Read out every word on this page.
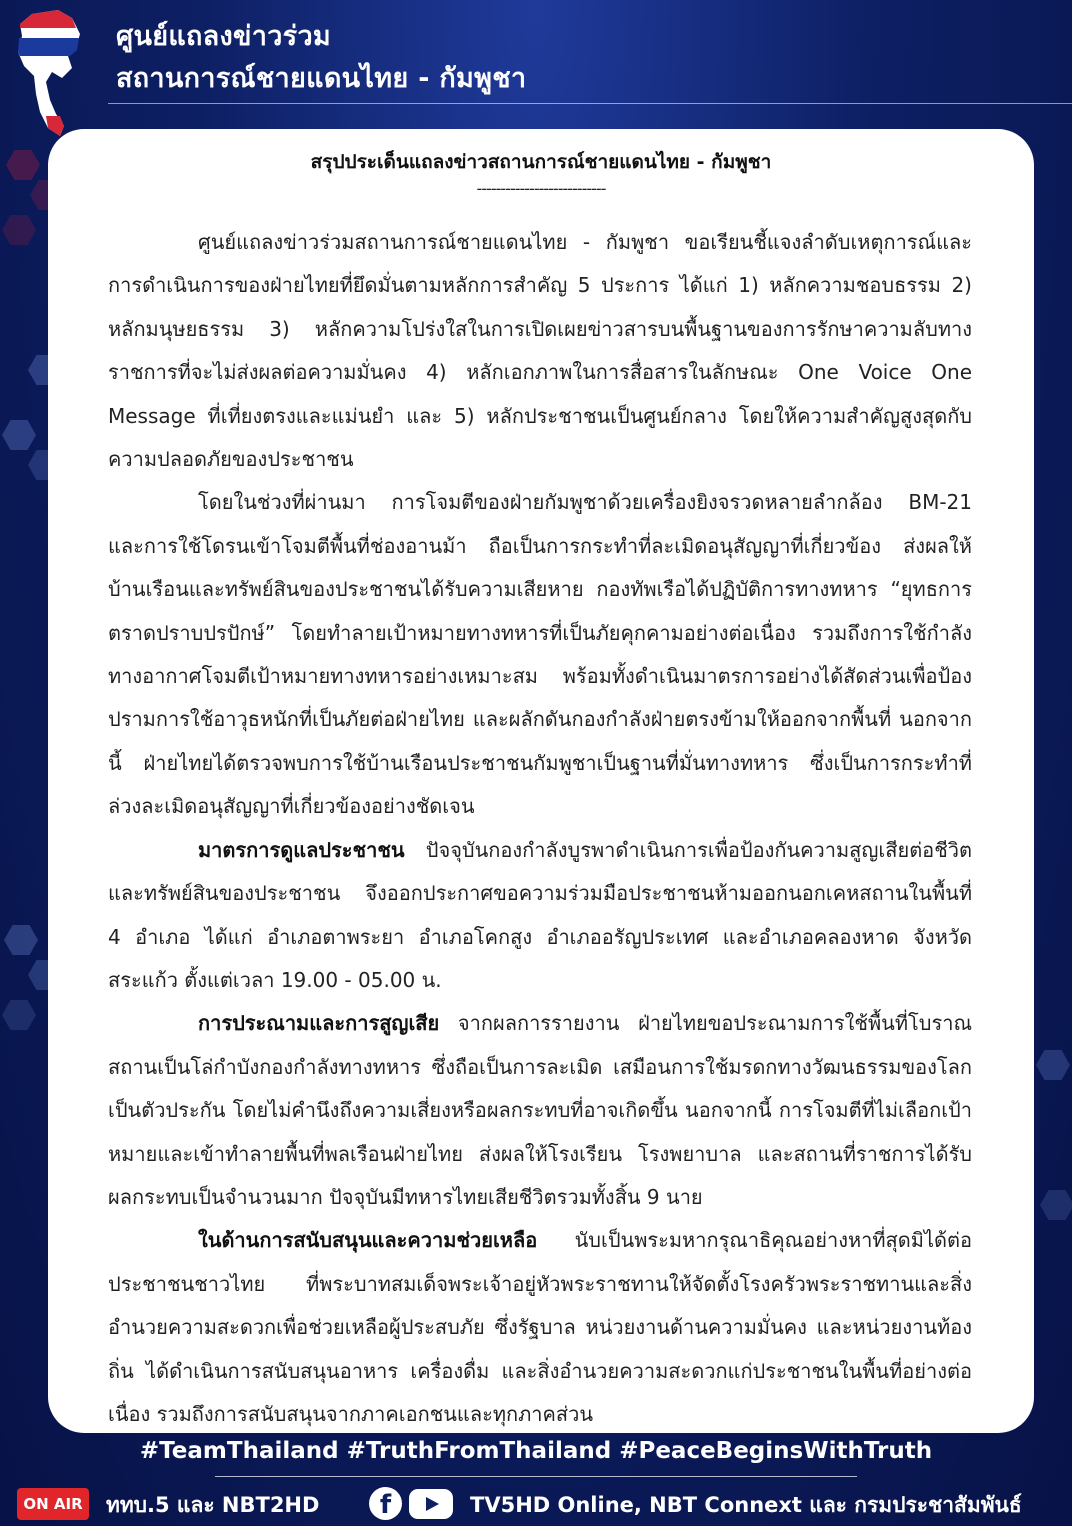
ศูนย์แถลงข่าวร่วม
สถานการณ์ชายแดนไทย - กัมพูชา
สรุปประเด็นแถลงข่าวสถานการณ์ชายแดนไทย - กัมพูชา
---------------------------

ศูนย์แถลงข่าวร่วมสถานการณ์ชายแดนไทย - กัมพูชา ขอเรียนชี้แจงลำดับเหตุการณ์และการดำเนินการของฝ่ายไทยที่ยึดมั่นตามหลักการสำคัญ 5 ประการ ได้แก่ 1) หลักความชอบธรรม 2) หลักมนุษยธรรม 3) หลักความโปร่งใสในการเปิดเผยข่าวสารบนพื้นฐานของการรักษาความลับทางราชการที่จะไม่ส่งผลต่อความมั่นคง 4) หลักเอกภาพในการสื่อสารในลักษณะ One Voice One Message ที่เที่ยงตรงและแม่นยำ และ 5) หลักประชาชนเป็นศูนย์กลาง โดยให้ความสำคัญสูงสุดกับความปลอดภัยของประชาชน

โดยในช่วงที่ผ่านมา การโจมตีของฝ่ายกัมพูชาด้วยเครื่องยิงจรวดหลายลำกล้อง BM-21 และการใช้โดรนเข้าโจมตีพื้นที่ช่องอานม้า ถือเป็นการกระทำที่ละเมิดอนุสัญญาที่เกี่ยวข้อง ส่งผลให้บ้านเรือนและทรัพย์สินของประชาชนได้รับความเสียหาย กองทัพเรือได้ปฏิบัติการทางทหาร “ยุทธการตราดปราบปรปักษ์” โดยทำลายเป้าหมายทางทหารที่เป็นภัยคุกคามอย่างต่อเนื่อง รวมถึงการใช้กำลังทางอากาศโจมตีเป้าหมายทางทหารอย่างเหมาะสม พร้อมทั้งดำเนินมาตรการอย่างได้สัดส่วนเพื่อป้องปรามการใช้อาวุธหนักที่เป็นภัยต่อฝ่ายไทย และผลักดันกองกำลังฝ่ายตรงข้ามให้ออกจากพื้นที่ นอกจากนี้ ฝ่ายไทยได้ตรวจพบการใช้บ้านเรือนประชาชนกัมพูชาเป็นฐานที่มั่นทางทหาร ซึ่งเป็นการกระทำที่ล่วงละเมิดอนุสัญญาที่เกี่ยวข้องอย่างชัดเจน

มาตรการดูแลประชาชน ปัจจุบันกองกำลังบูรพาดำเนินการเพื่อป้องกันความสูญเสียต่อชีวิตและทรัพย์สินของประชาชน จึงออกประกาศขอความร่วมมือประชาชนห้ามออกนอกเคหสถานในพื้นที่ 4 อำเภอ ได้แก่ อำเภอตาพระยา อำเภอโคกสูง อำเภออรัญประเทศ และอำเภอคลองหาด จังหวัดสระแก้ว ตั้งแต่เวลา 19.00 - 05.00 น.

การประณามและการสูญเสีย จากผลการรายงาน ฝ่ายไทยขอประณามการใช้พื้นที่โบราณสถานเป็นโล่กำบังกองกำลังทางทหาร ซึ่งถือเป็นการละเมิด เสมือนการใช้มรดกทางวัฒนธรรมของโลกเป็นตัวประกัน โดยไม่คำนึงถึงความเสี่ยงหรือผลกระทบที่อาจเกิดขึ้น นอกจากนี้ การโจมตีที่ไม่เลือกเป้าหมายและเข้าทำลายพื้นที่พลเรือนฝ่ายไทย ส่งผลให้โรงเรียน โรงพยาบาล และสถานที่ราชการได้รับผลกระทบเป็นจำนวนมาก ปัจจุบันมีทหารไทยเสียชีวิตรวมทั้งสิ้น 9 นาย

ในด้านการสนับสนุนและความช่วยเหลือ นับเป็นพระมหากรุณาธิคุณอย่างหาที่สุดมิได้ต่อประชาชนชาวไทย ที่พระบาทสมเด็จพระเจ้าอยู่หัวพระราชทานให้จัดตั้งโรงครัวพระราชทานและสิ่งอำนวยความสะดวกเพื่อช่วยเหลือผู้ประสบภัย ซึ่งรัฐบาล หน่วยงานด้านความมั่นคง และหน่วยงานท้องถิ่น ได้ดำเนินการสนับสนุนอาหาร เครื่องดื่ม และสิ่งอำนวยความสะดวกแก่ประชาชนในพื้นที่อย่างต่อเนื่อง รวมถึงการสนับสนุนจากภาคเอกชนและทุกภาคส่วน

#TeamThailand #TruthFromThailand #PeaceBeginsWithTruth
ON AIR	ททบ.5 และ NBT2HD	f	TV5HD Online, NBT Connext และ กรมประชาสัมพันธ์
